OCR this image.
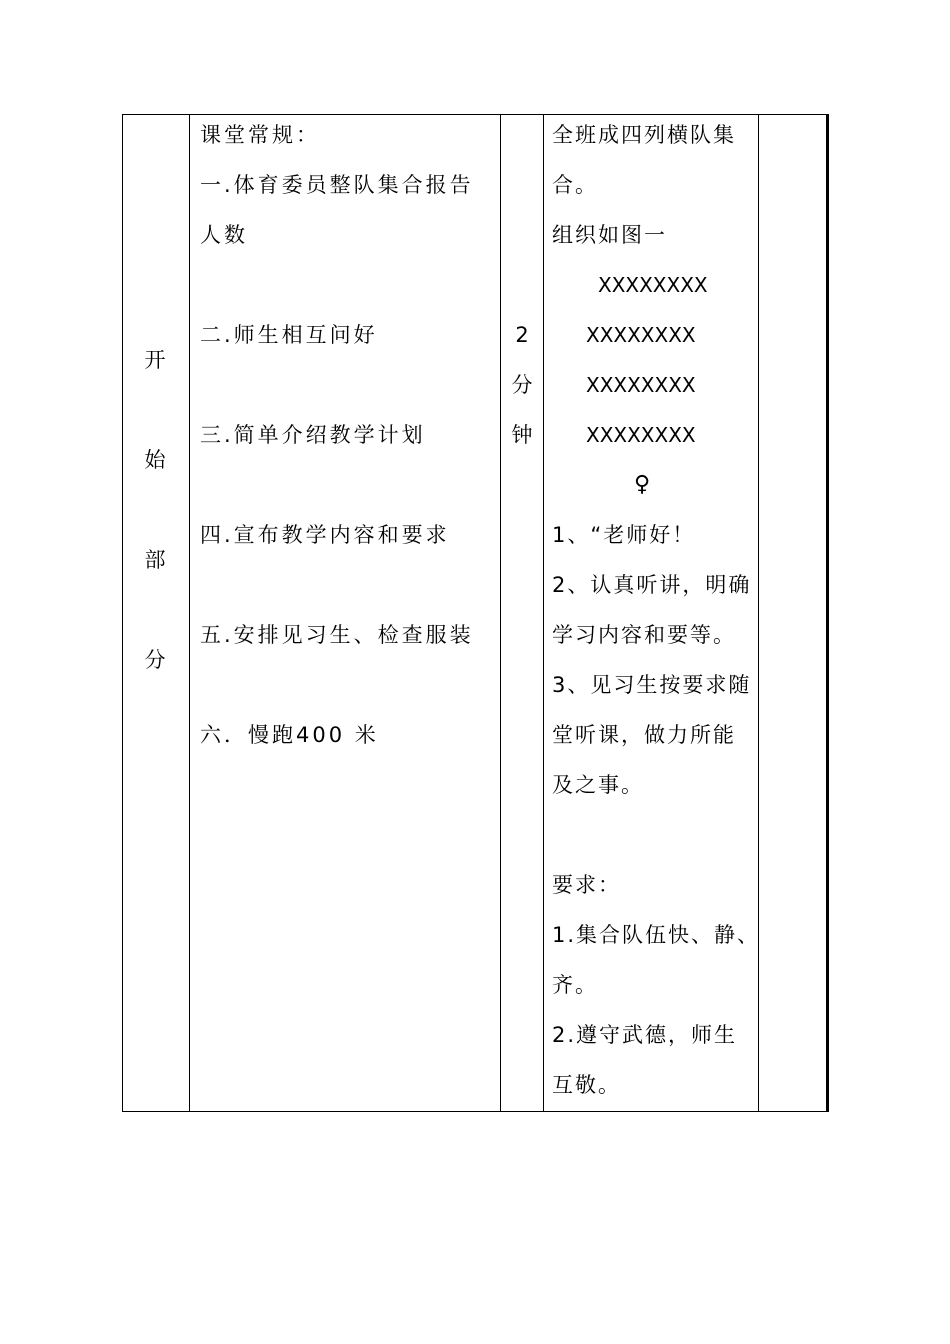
开
始
部
分
课堂常规：
一.体育委员整队集合报告
人数
二.师生相互问好
三.简单介绍教学计划
四.宣布教学内容和要求
五.安排见习生、检查服装
六．慢跑400 米
2
分
钟
全班成四列横队集
合。
组织如图一
XXXXXXXX
XXXXXXXX
XXXXXXXX
XXXXXXXX
♀
1、“老师好！
2、认真听讲，明确
学习内容和要等。
3、见习生按要求随
堂听课，做力所能
及之事。
要求：
1.集合队伍快、静、
齐。
2.遵守武德，师生
互敬。
